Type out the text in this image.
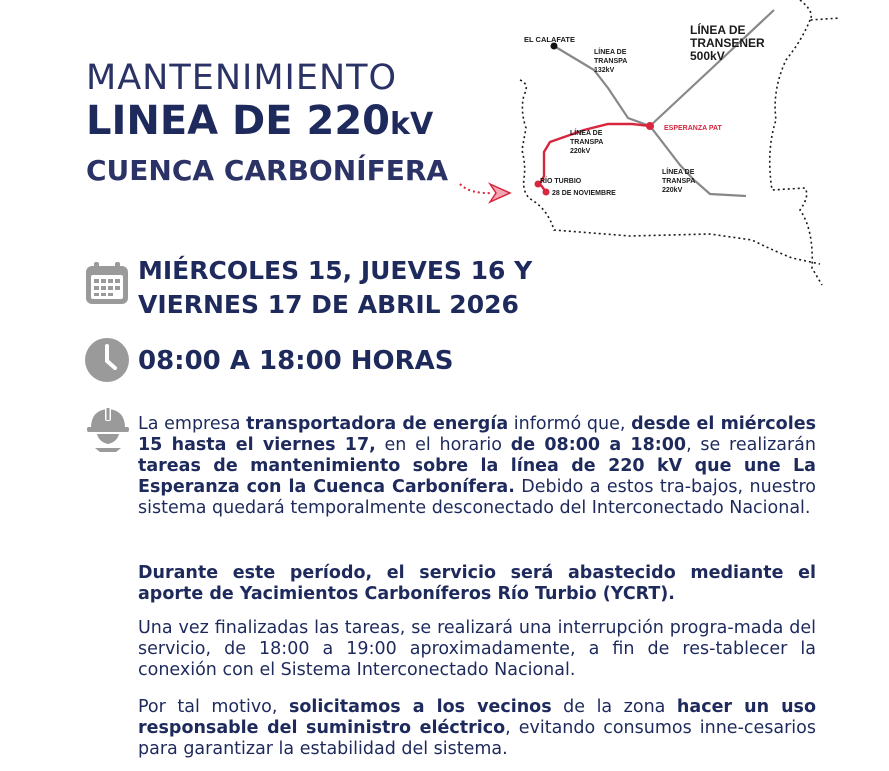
MANTENIMIENTO
LINEA DE 220kV
CUENCA CARBONÍFERA
EL CALAFATE
LÍNEA DE
TRANSENER
500kV
LÍNEA DE
TRANSPA
132kV
ESPERANZA PAT
LÍNEA DE
TRANSPA
220kV
LÍNEA DE
TRANSPA
220kV
RÍO TURBIO
28 DE NOVIEMBRE
MIÉRCOLES 15, JUEVES 16 Y
VIERNES 17 DE ABRIL 2026
08:00 A 18:00 HORAS

La empresa transportadora de energía informó que, desde el miércoles 15 hasta el viernes 17, en el horario de 08:00 a 18:00, se realizarán tareas de mantenimiento sobre la línea de 220 kV que une La Esperanza con la Cuenca Carbonífera. Debido a estos tra-bajos, nuestro sistema quedará temporalmente desconectado del Interconectado Nacional.

Durante este período, el servicio será abastecido mediante el aporte de Yacimientos Carboníferos Río Turbio (YCRT).

Una vez finalizadas las tareas, se realizará una interrupción progra-mada del servicio, de 18:00 a 19:00 aproximadamente, a fin de res-tablecer la conexión con el Sistema Interconectado Nacional.

Por tal motivo, solicitamos a los vecinos de la zona hacer un uso responsable del suministro eléctrico, evitando consumos inne-cesarios para garantizar la estabilidad del sistema.
